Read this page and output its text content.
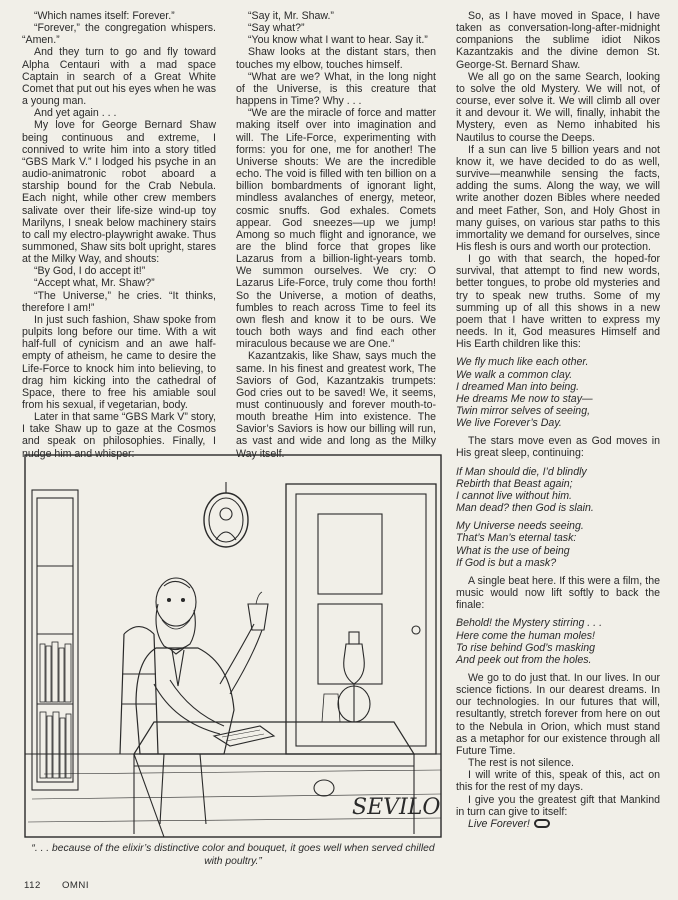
“Which names itself: Forever.”

“Forever,” the congregation whispers. “Amen.”

And they turn to go and fly toward Alpha Centauri with a mad space Captain in search of a Great White Comet that put out his eyes when he was a young man.

And yet again . . .

My love for George Bernard Shaw being continuous and extreme, I connived to write him into a story titled “GBS Mark V.” I lodged his psyche in an audio-animatronic robot aboard a starship bound for the Crab Nebula. Each night, while other crew members salivate over their life-size wind-up toy Marilyns, I sneak below machinery stairs to call my electro-playwright awake. Thus summoned, Shaw sits bolt upright, stares at the Milky Way, and shouts:

“By God, I do accept it!”

“Accept what, Mr. Shaw?”

“The Universe,” he cries. “It thinks, therefore I am!”

In just such fashion, Shaw spoke from pulpits long before our time. With a wit half-full of cynicism and an awe half-empty of atheism, he came to desire the Life-Force to knock him into believing, to drag him kicking into the cathedral of Space, there to free his amiable soul from his sexual, if vegetarian, body.

Later in that same “GBS Mark V” story, I take Shaw up to gaze at the Cosmos and speak on philosophies. Finally, I nudge him and whisper:

“Say it, Mr. Shaw.”

“Say what?”

“You know what I want to hear. Say it.”

Shaw looks at the distant stars, then touches my elbow, touches himself.

“What are we? What, in the long night of the Universe, is this creature that happens in Time? Why . . .

“We are the miracle of force and matter making itself over into imagination and will. The Life-Force, experimenting with forms: you for one, me for another! The Universe shouts: We are the incredible echo. The void is filled with ten billion on a billion bombardments of ignorant light, mindless avalanches of energy, meteor, cosmic snuffs. God exhales. Comets appear. God sneezes—up we jump! Among so much flight and ignorance, we are the blind force that gropes like Lazarus from a billion-light-years tomb. We summon ourselves. We cry: O Lazarus Life-Force, truly come thou forth! So the Universe, a motion of deaths, fumbles to reach across Time to feel its own flesh and know it to be ours. We touch both ways and find each other miraculous because we are One.”

Kazantzakis, like Shaw, says much the same. In his finest and greatest work, The Saviors of God, Kazantzakis trumpets: God cries out to be saved! We, it seems, must continuously and forever mouth-to-mouth breathe Him into existence. The Savior’s Saviors is how our billing will run, as vast and wide and long as the Milky Way itself.

So, as I have moved in Space, I have taken as conversation-long-after-midnight companions the sublime idiot Nikos Kazantzakis and the divine demon St. George-St. Bernard Shaw.

We all go on the same Search, looking to solve the old Mystery. We will not, of course, ever solve it. We will climb all over it and devour it. We will, finally, inhabit the Mystery, even as Nemo inhabited his Nautilus to course the Deeps.

If a sun can live 5 billion years and not know it, we have decided to do as well, survive—meanwhile sensing the facts, adding the sums. Along the way, we will write another dozen Bibles where needed and meet Father, Son, and Holy Ghost in many guises, on various star paths to this immortality we demand for ourselves, since His flesh is ours and worth our protection.

I go with that search, the hoped-for survival, that attempt to find new words, better tongues, to probe old mysteries and try to speak new truths. Some of my summing up of all this shows in a new poem that I have written to express my needs. In it, God measures Himself and His Earth children like this:

We fly much like each other.
We walk a common clay.
I dreamed Man into being.
He dreams Me now to stay—
Twin mirror selves of seeing,
We live Forever’s Day.

The stars move even as God moves in His great sleep, continuing:

If Man should die, I’d blindly
Rebirth that Beast again;
I cannot live without him.
Man dead? then God is slain.
My Universe needs seeing.
That’s Man’s eternal task:
What is the use of being
If God is but a mask?

A single beat here. If this were a film, the music would now lift softly to back the finale:

Behold! the Mystery stirring . . .
Here come the human moles!
To rise behind God’s masking
And peek out from the holes.

We go to do just that. In our lives. In our science fictions. In our dearest dreams. In our technologies. In our futures that will, resultantly, stretch forever from here on out to the Nebula in Orion, which must stand as a metaphor for our existence through all Future Time.

The rest is not silence.

I will write of this, speak of this, act on this for the rest of my days.

I give you the greatest gift that Mankind in turn can give to itself:

Live Forever!

SEVILO
“. . . because of the elixir’s distinctive color and bouquet, it goes well when served chilled with poultry.”
112 OMNI
